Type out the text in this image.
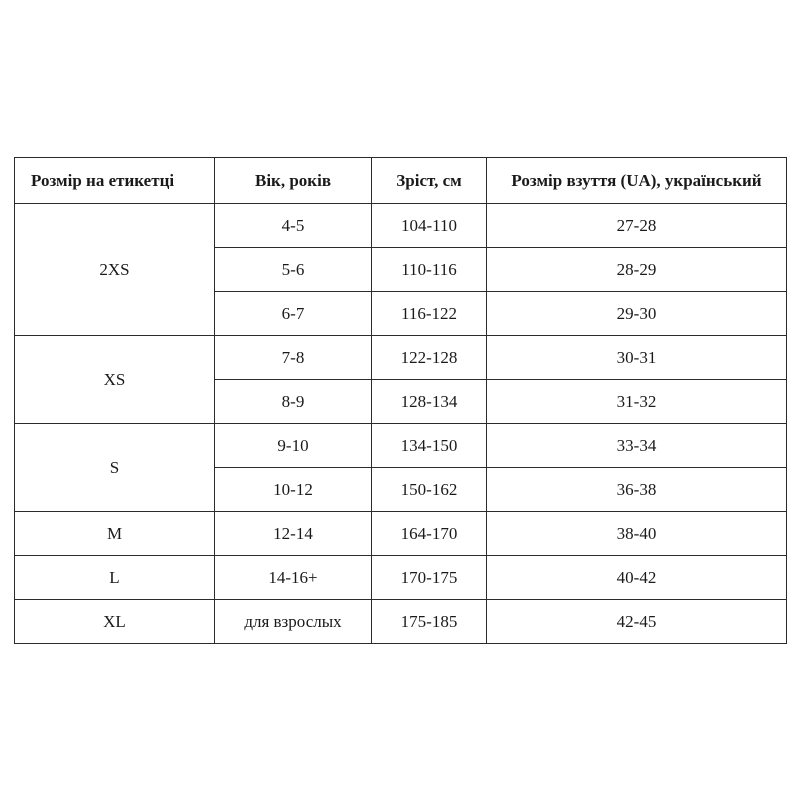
Розмір на етикетці	Вік, років	Зріст, см	Розмір взуття (UA), український
2XS	4-5	104-110	27-28
	5-6	110-116	28-29
	6-7	116-122	29-30
XS	7-8	122-128	30-31
	8-9	128-134	31-32
S	9-10	134-150	33-34
	10-12	150-162	36-38
M	12-14	164-170	38-40
L	14-16+	170-175	40-42
XL	для взрослых	175-185	42-45
